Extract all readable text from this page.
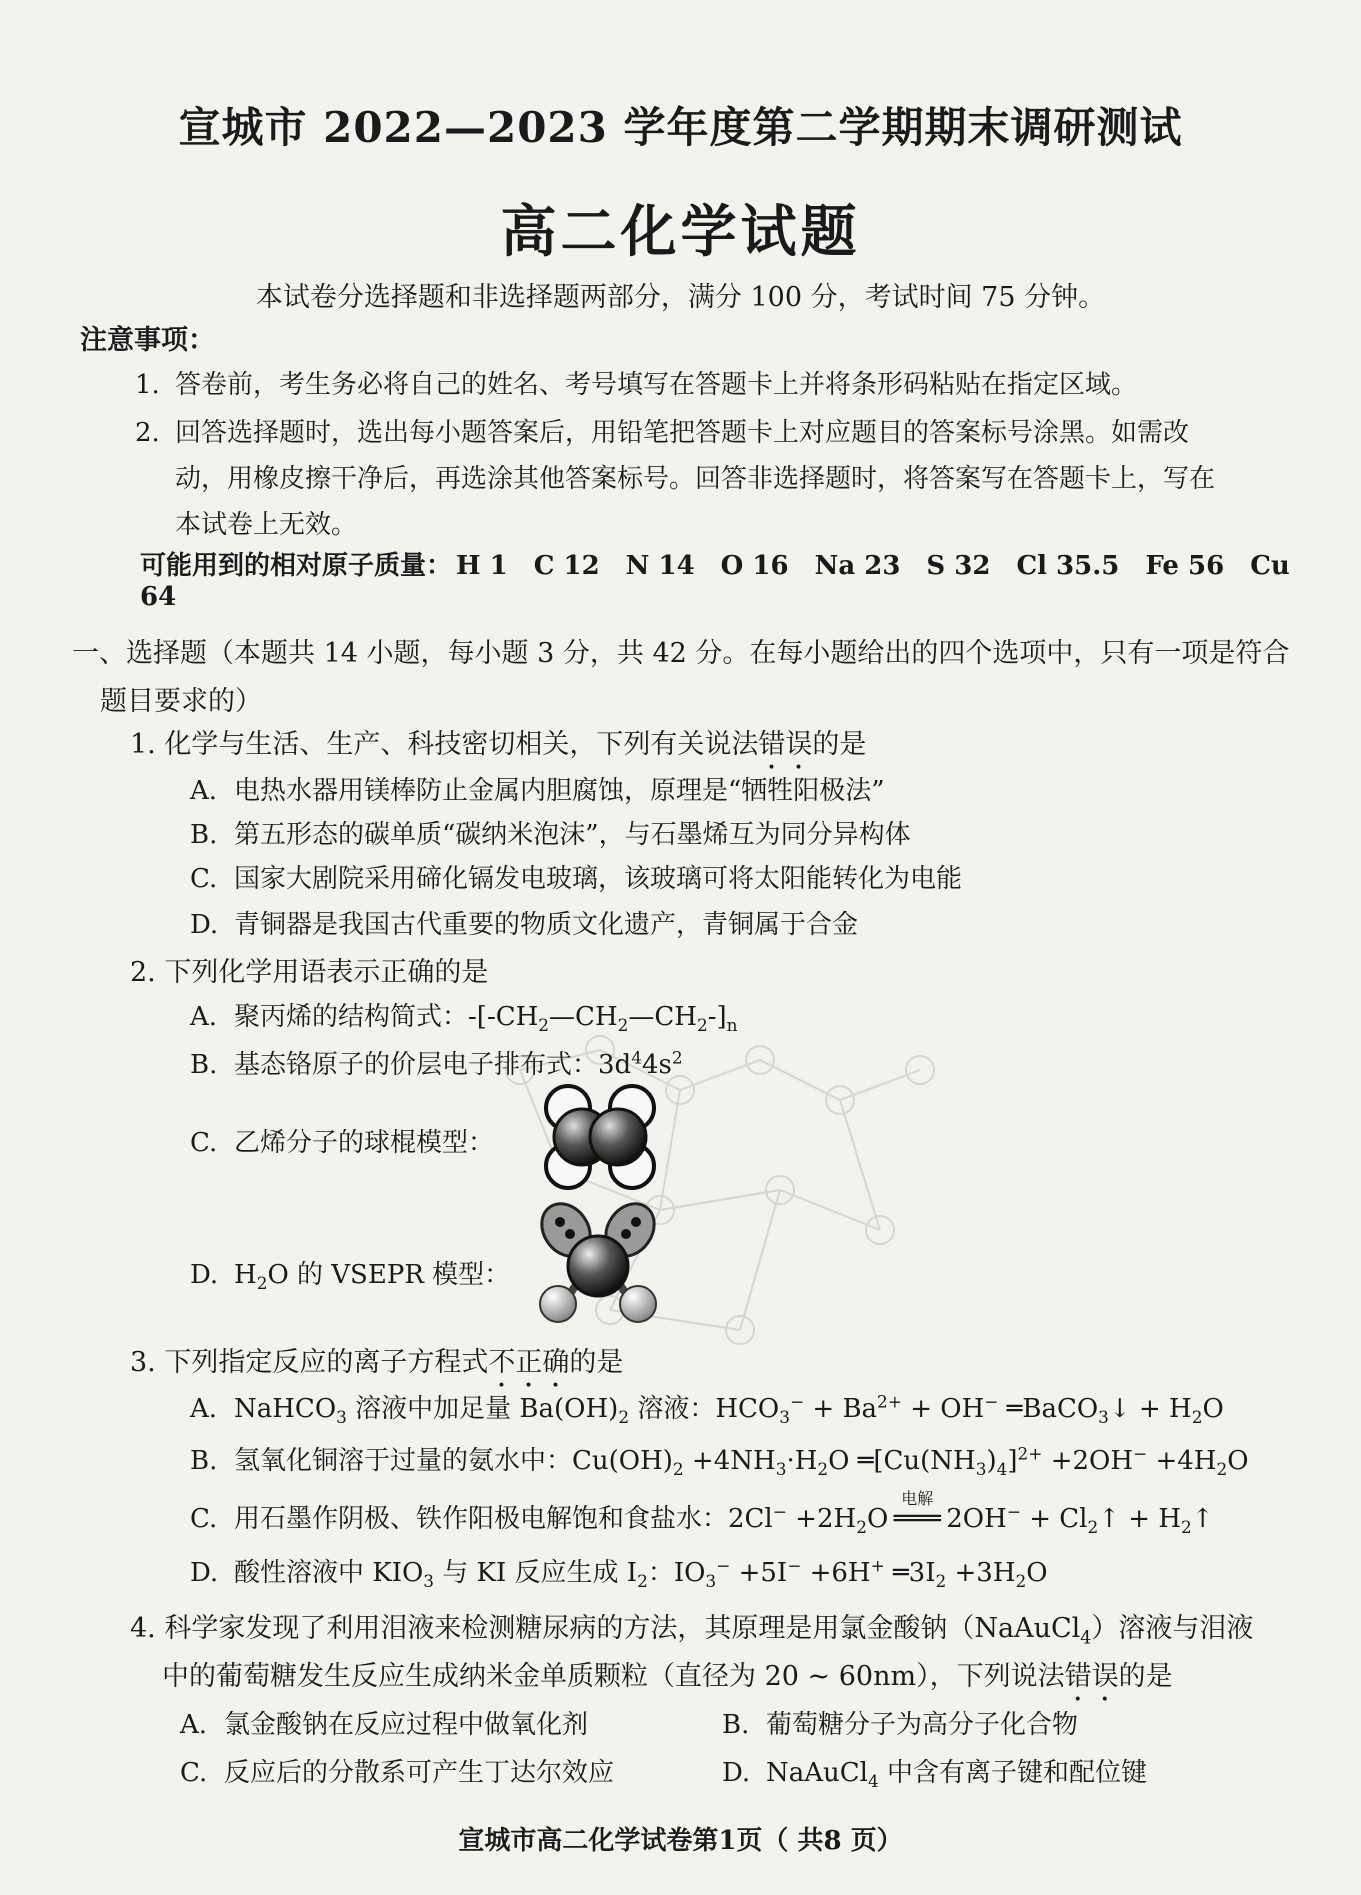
宣城市 2022—2023 学年度第二学期期末调研测试
高二化学试题
本试卷分选择题和非选择题两部分，满分 100 分，考试时间 75 分钟。
注意事项：
1. 答卷前，考生务必将自己的姓名、考号填写在答题卡上并将条形码粘贴在指定区域。
2. 回答选择题时，选出每小题答案后，用铅笔把答题卡上对应题目的答案标号涂黑。如需改
动，用橡皮擦干净后，再选涂其他答案标号。回答非选择题时，将答案写在答题卡上，写在
本试卷上无效。
可能用到的相对原子质量： H 1 C 12 N 14 O 16 Na 23 S 32 Cl 35.5 Fe 56 Cu 64
一、选择题（本题共 14 小题，每小题 3 分，共 42 分。在每小题给出的四个选项中，只有一项是符合
题目要求的）
1. 化学与生活、生产、科技密切相关，下列有关说法错误的是
A. 电热水器用镁棒防止金属内胆腐蚀，原理是“牺牲阳极法”
B. 第五形态的碳单质“碳纳米泡沫”，与石墨烯互为同分异构体
C. 国家大剧院采用碲化镉发电玻璃，该玻璃可将太阳能转化为电能
D. 青铜器是我国古代重要的物质文化遗产，青铜属于合金
2. 下列化学用语表示正确的是
A. 聚丙烯的结构简式：$-[-CH_2—CH_2—CH_2-]_n$
B. 基态铬原子的价层电子排布式：$3d^44s^2$
C. 乙烯分子的球棍模型：
D. $H_2O$ 的 VSEPR 模型：
3. 下列指定反应的离子方程式不正确的是
A. NaHCO$_3$ 溶液中加足量 $Ba(OH)_2$ 溶液：$HCO_3^- + Ba^{2+} + OH^-$ ═BaCO$_3$↓ + $H_2O$
B. 氢氧化铜溶于过量的氨水中：$Cu(OH)_2 +4NH_3\cdot H_2O$ $═[Cu(NH_3)_4]^{2+} +2OH^- +4H_2O$
C. 用石墨作阴极、铁作阳极电解饱和食盐水：$2Cl^- +2H_2O$
电解
═══ $2OH^- + Cl_2↑$ + $H_2↑$
D. 酸性溶液中 $KIO_3$ 与 KI 反应生成 $I_2$：$IO_3^- +5I^- +6H^+$ $═3I_2 +3H_2O$
4. 科学家发现了利用泪液来检测糖尿病的方法，其原理是用氯金酸钠（NaAuCl$_4$）溶液与泪液
中的葡萄糖发生反应生成纳米金单质颗粒（直径为 20 ~ 60nm），下列说法错误的是
A. 氯金酸钠在反应过程中做氧化剂	B. 葡萄糖分子为高分子化合物
C. 反应后的分散系可产生丁达尔效应	D. NaAuCl$_4$ 中含有离子键和配位键
宣城市高二化学试卷第1页（ 共8 页）
